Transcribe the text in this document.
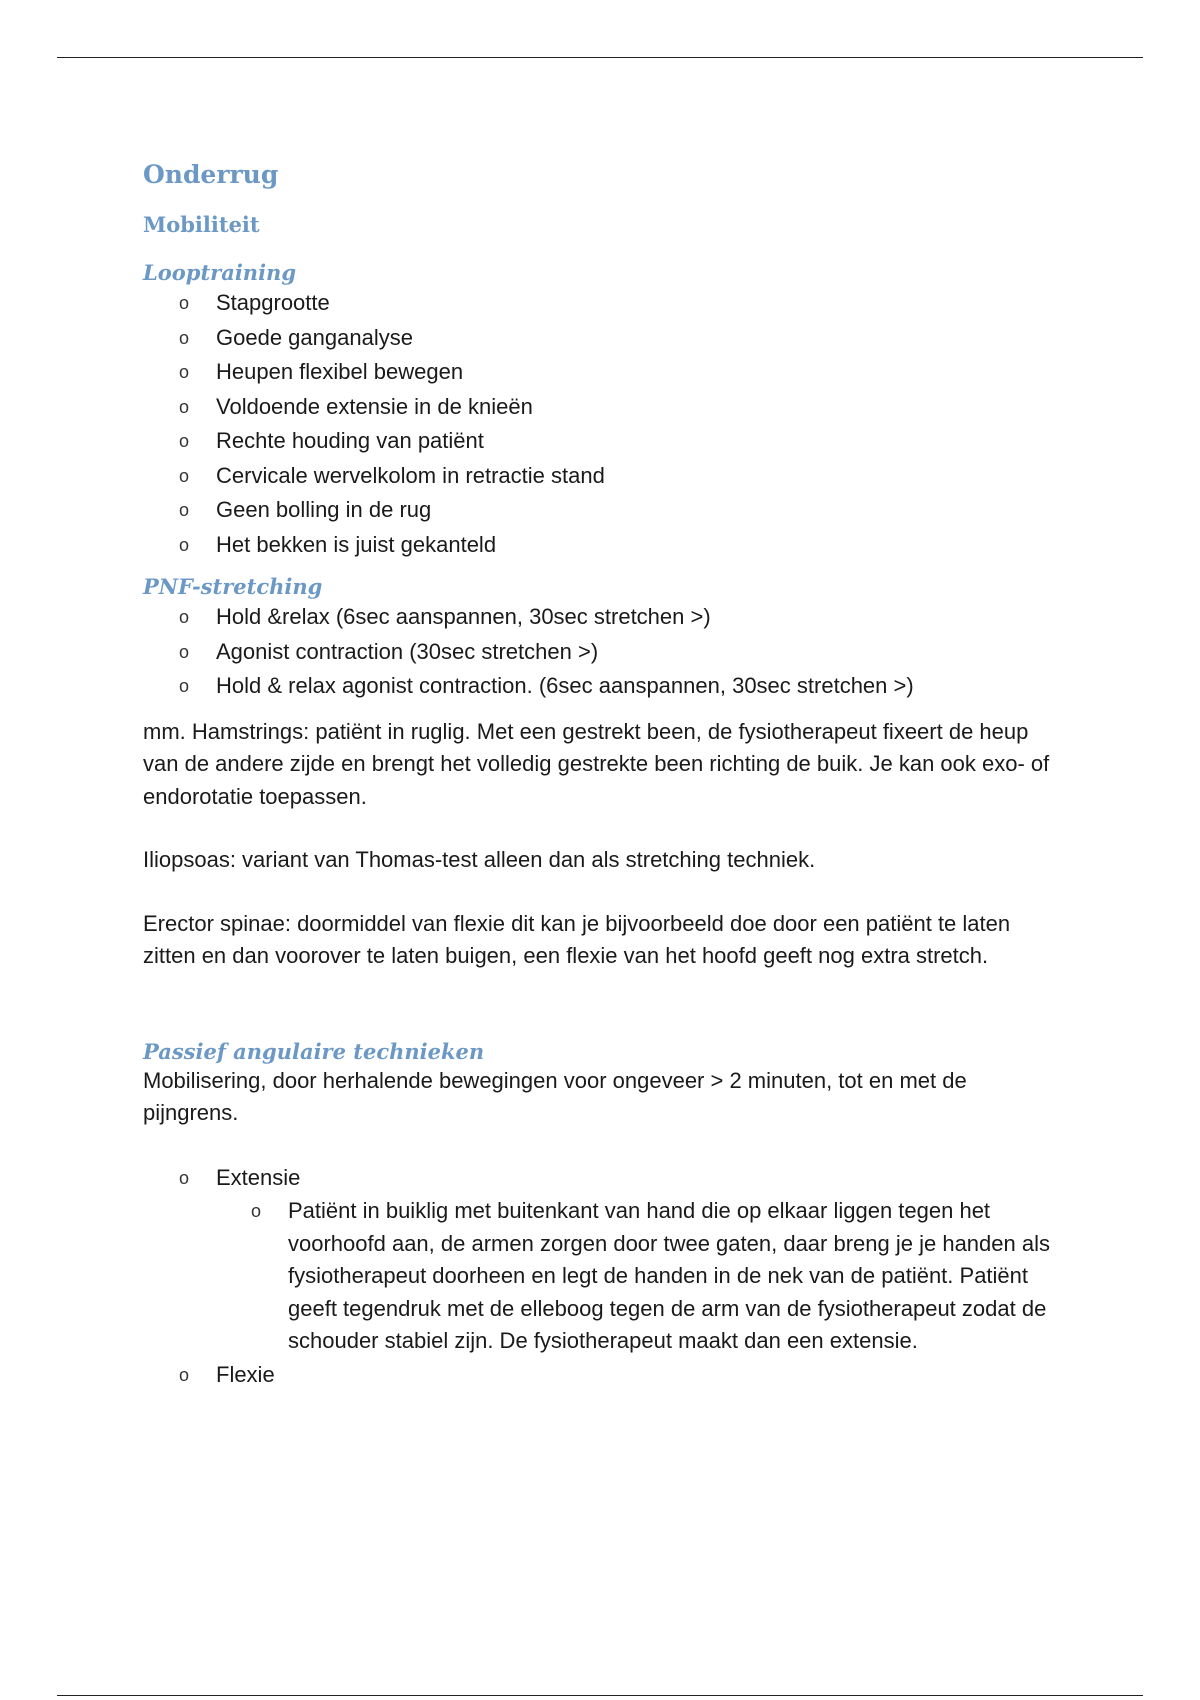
Onderrug
Mobiliteit
Looptraining
o Stapgrootte
o Goede ganganalyse
o Heupen flexibel bewegen
o Voldoende extensie in de knieën
o Rechte houding van patiënt
o Cervicale wervelkolom in retractie stand
o Geen bolling in de rug
o Het bekken is juist gekanteld
PNF-stretching
o Hold &relax (6sec aanspannen, 30sec stretchen >)
o Agonist contraction (30sec stretchen >)
o Hold & relax agonist contraction. (6sec aanspannen, 30sec stretchen >)

mm. Hamstrings: patiënt in ruglig. Met een gestrekt been, de fysiotherapeut fixeert de heup van de andere zijde en brengt het volledig gestrekte been richting de buik. Je kan ook exo- of endorotatie toepassen.

Iliopsoas: variant van Thomas-test alleen dan als stretching techniek.

Erector spinae: doormiddel van flexie dit kan je bijvoorbeeld doe door een patiënt te laten zitten en dan voorover te laten buigen, een flexie van het hoofd geeft nog extra stretch.

Passief angulaire technieken

Mobilisering, door herhalende bewegingen voor ongeveer > 2 minuten, tot en met de pijngrens.

o Extensie
o Patiënt in buiklig met buitenkant van hand die op elkaar liggen tegen het voorhoofd aan, de armen zorgen door twee gaten, daar breng je je handen als fysiotherapeut doorheen en legt de handen in de nek van de patiënt. Patiënt geeft tegendruk met de elleboog tegen de arm van de fysiotherapeut zodat de schouder stabiel zijn. De fysiotherapeut maakt dan een extensie.
o Flexie
